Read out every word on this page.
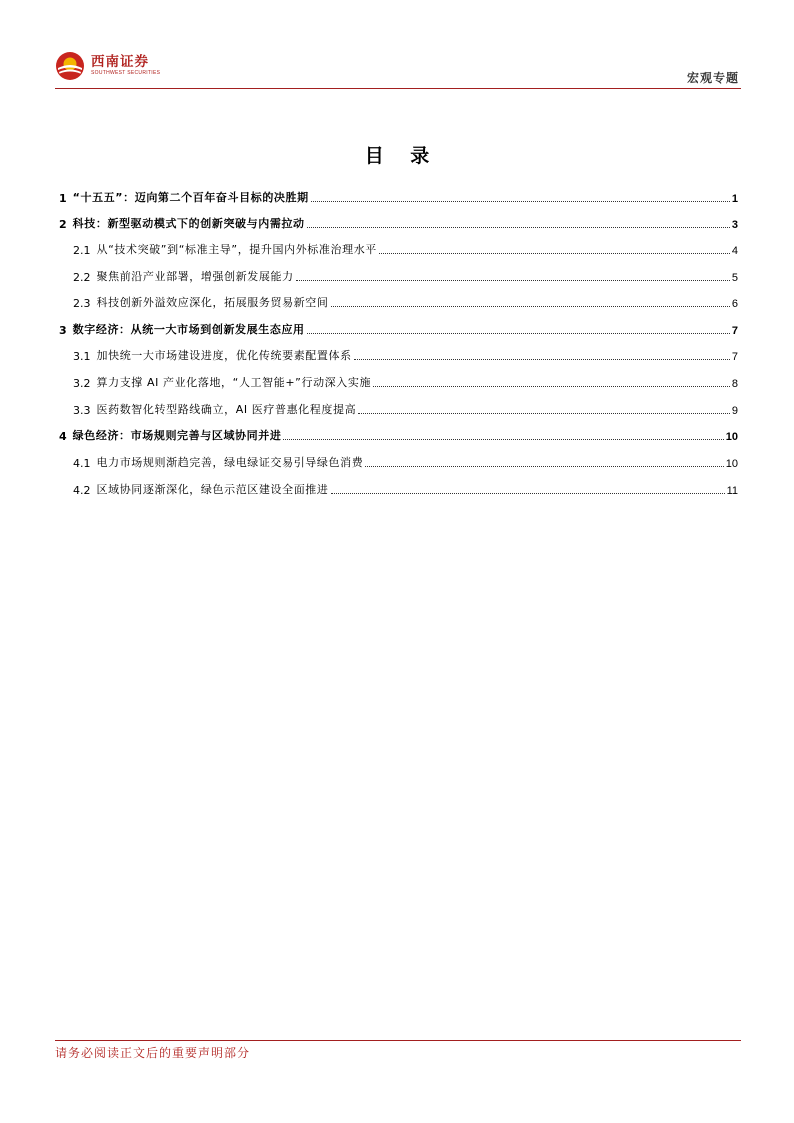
西南证券
SOUTHWEST SECURITIES	宏观专题
目 录
1 “十五五”：迈向第二个百年奋斗目标的决胜期	1
2 科技：新型驱动模式下的创新突破与内需拉动	3
2.1 从“技术突破”到“标准主导”，提升国内外标准治理水平	4
2.2 聚焦前沿产业部署，增强创新发展能力	5
2.3 科技创新外溢效应深化，拓展服务贸易新空间	6
3 数字经济：从统一大市场到创新发展生态应用	7
3.1 加快统一大市场建设进度，优化传统要素配置体系	7
3.2 算力支撑 AI 产业化落地，“人工智能+”行动深入实施	8
3.3 医药数智化转型路线确立，AI 医疗普惠化程度提高	9
4 绿色经济：市场规则完善与区域协同并进	10
4.1 电力市场规则渐趋完善，绿电绿证交易引导绿色消费	10
4.2 区域协同逐渐深化，绿色示范区建设全面推进	11
请务必阅读正文后的重要声明部分
